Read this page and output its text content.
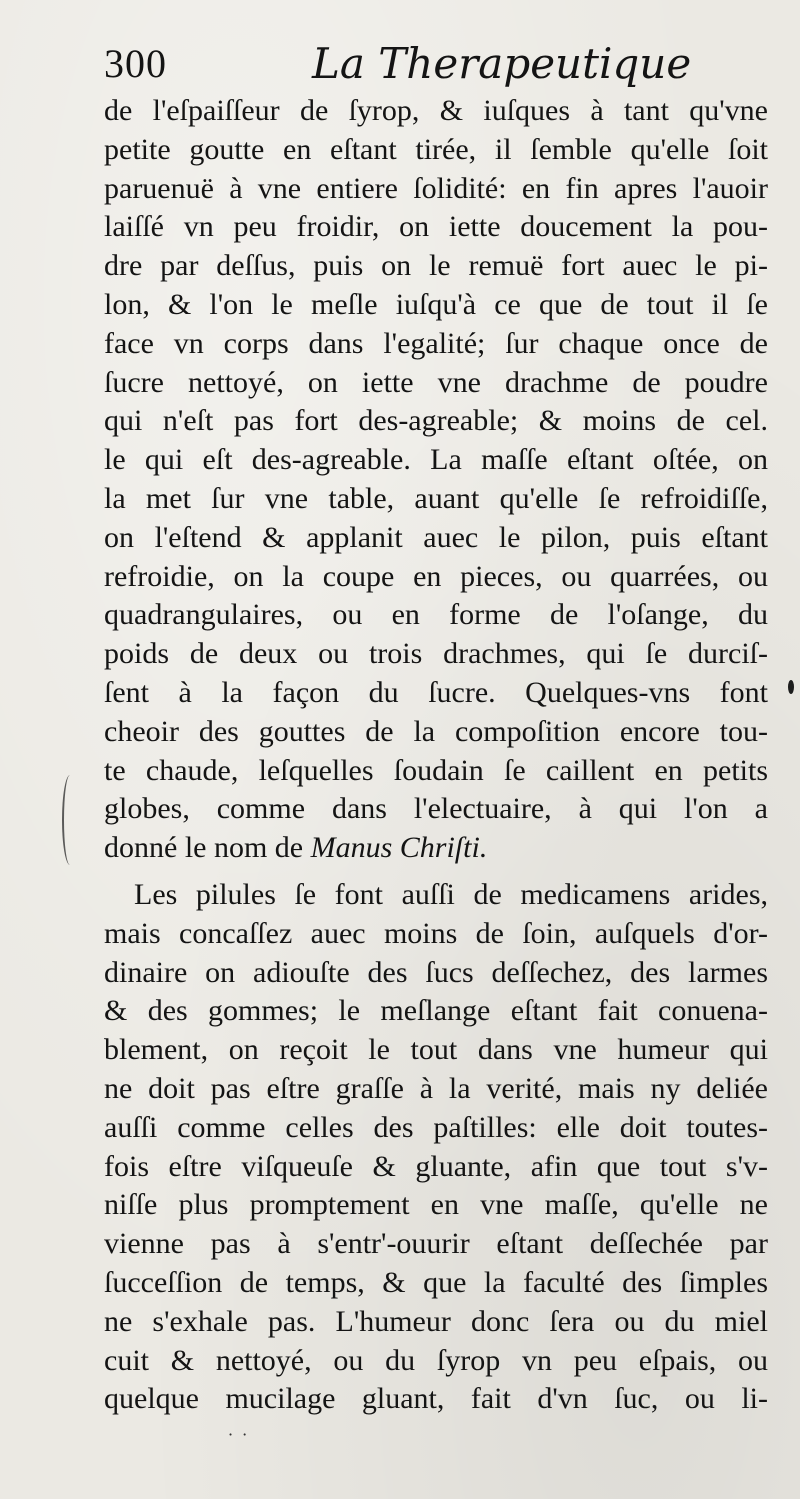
300	La Therapeutique
de l'eſpaiſſeur de ſyrop, & iuſques à tant qu'vne
petite goutte en eſtant tirée, il ſemble qu'elle ſoit
paruenuë à vne entiere ſolidité: en fin apres l'auoir
laiſſé vn peu froidir, on iette doucement la pou-
dre par deſſus, puis on le remuë fort auec le pi-
lon, & l'on le meſle iuſqu'à ce que de tout il ſe
face vn corps dans l'egalité; ſur chaque once de
ſucre nettoyé, on iette vne drachme de poudre
qui n'eſt pas fort des-agreable; & moins de cel.
le qui eſt des-agreable. La maſſe eſtant oſtée, on
la met ſur vne table, auant qu'elle ſe refroidiſſe,
on l'eſtend & applanit auec le pilon, puis eſtant
refroidie, on la coupe en pieces, ou quarrées, ou
quadrangulaires, ou en forme de l'oſange, du
poids de deux ou trois drachmes, qui ſe durciſ-
ſent à la façon du ſucre. Quelques-vns font
cheoir des gouttes de la compoſition encore tou-
te chaude, leſquelles ſoudain ſe caillent en petits
globes, comme dans l'electuaire, à qui l'on a
donné le nom de Manus Chriſti.
Les pilules ſe font auſſi de medicamens arides,
mais concaſſez auec moins de ſoin, auſquels d'or-
dinaire on adiouſte des ſucs deſſechez, des larmes
& des gommes; le meſlange eſtant fait conuena-
blement, on reçoit le tout dans vne humeur qui
ne doit pas eſtre graſſe à la verité, mais ny deliée
auſſi comme celles des paſtilles: elle doit toutes-
fois eſtre viſqueuſe & gluante, afin que tout s'v-
niſſe plus promptement en vne maſſe, qu'elle ne
vienne pas à s'entr'-ouurir eſtant deſſechée par
ſucceſſion de temps, & que la faculté des ſimples
ne s'exhale pas. L'humeur donc ſera ou du miel
cuit & nettoyé, ou du ſyrop vn peu eſpais, ou
quelque mucilage gluant, fait d'vn ſuc, ou li-
· ·
